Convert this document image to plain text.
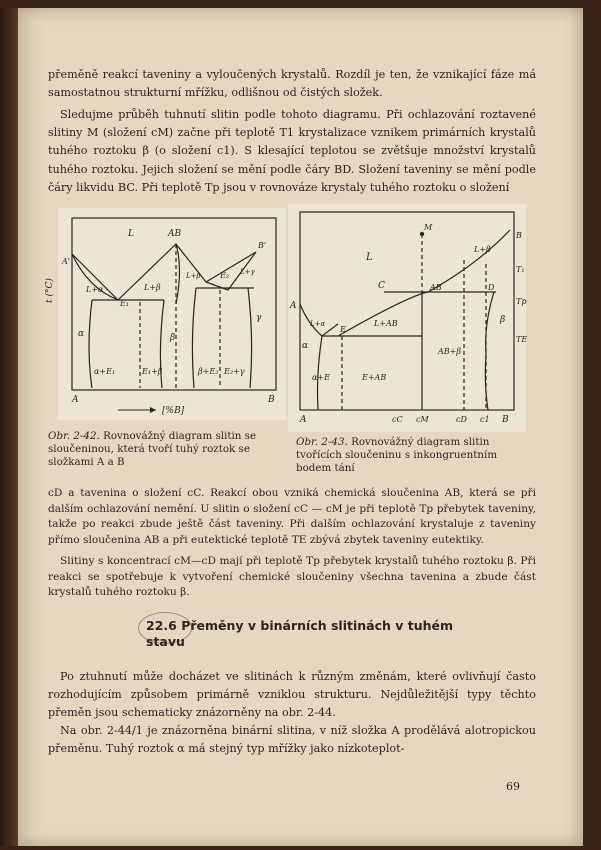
přeměně reakcí taveniny a vyloučených krystalů. Rozdíl je ten, že vznikající fáze má samostatnou strukturní mřížku, odlišnou od čistých složek.

Sledujme průběh tuhnutí slitin podle tohoto diagramu. Při ochlazování roztavené slitiny M (složení cM) začne při teplotě T1 krystalizace vznikem primárních krystalů tuhého roztoku β (o složení c1). S klesající teplotou se zvětšuje množství krystalů tuhého roztoku. Jejich složení se mění podle čáry BD. Složení taveniny se mění podle čáry likvidu BC. Při teplotě Tp jsou v rovnováze krystaly tuhého roztoku o složení

t (°C)
L	AB
A'
B'
L+α
E₁
L+β
L+β E₂ L+γ
α	β
γ
α+E₁	E₁+β	β+E₂ E₂+γ
A	B
[%B]
Obr. 2-42. Rovnovážný diagram slitin se sloučeninou, která tvoří tuhý roztok se složkami A a B
M
B
L
L+β
T₁
Tp
TE
A
C	AB	D
L+α
E
L+AB	β
α
AB+β
α+E	E+AB
A	cC cM	cD c1 B
Obr. 2-43. Rovnovážný diagram slitin tvořících sloučeninu s inkongruentním bodem tání

cD a tavenina o složení cC. Reakcí obou vzniká chemická sloučenina AB, která se při dalším ochlazování nemění. U slitin o složení cC — cM je při teplotě Tp přebytek taveniny, takže po reakci zbude ještě část taveniny. Při dalším ochlazování krystaluje z taveniny přímo sloučenina AB a při eutektické teplotě TE zbývá zbytek taveniny eutektiky.

Slitiny s koncentrací cM—cD mají při teplotě Tp přebytek krystalů tuhého roztoku β. Při reakci se spotřebuje k vytvoření chemické sloučeniny všechna tavenina a zbude část krystalů tuhého roztoku β.

22.6 Přeměny v binárních slitinách v tuhém stavu

Po ztuhnutí může docházet ve slitinách k různým změnám, které ovlivňují často rozhodujícím způsobem primárně vzniklou strukturu. Nejdůležitější typy těchto přeměn jsou schematicky znázorněny na obr. 2-44.

Na obr. 2-44/1 je znázorněna binární slitina, v níž složka A prodělává alotropickou přeměnu. Tuhý roztok α má stejný typ mřížky jako nízkoteplot-

69
